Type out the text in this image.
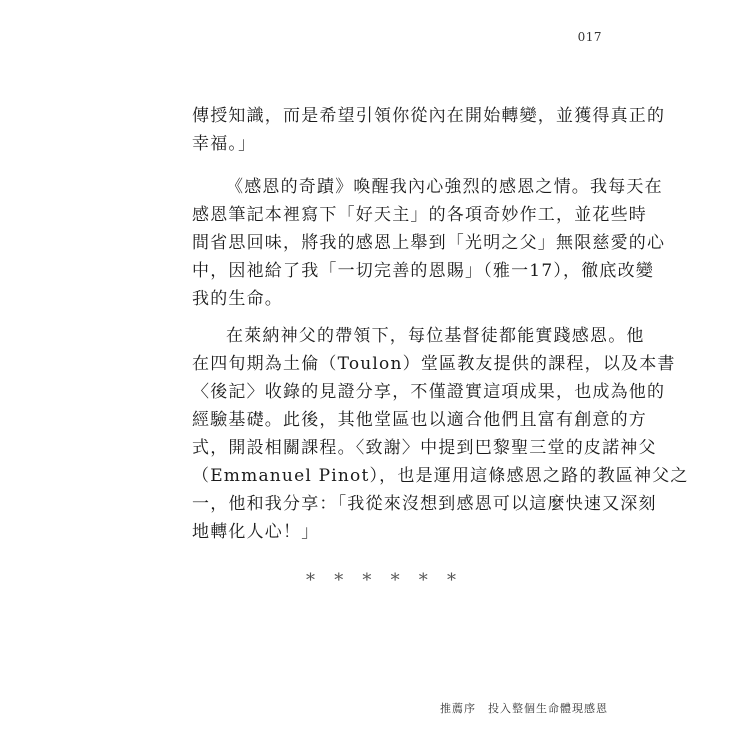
017
傳授知識，而是希望引領你從內在開始轉變，並獲得真正的
幸福。」
《感恩的奇蹟》喚醒我內心強烈的感恩之情。我每天在
感恩筆記本裡寫下「好天主」的各項奇妙作工，並花些時
間省思回味，將我的感恩上舉到「光明之父」無限慈愛的心
中，因祂給了我「一切完善的恩賜」（雅一17），徹底改變
我的生命。
在萊納神父的帶領下，每位基督徒都能實踐感恩。他
在四旬期為土倫（Toulon）堂區教友提供的課程，以及本書
〈後記〉收錄的見證分享，不僅證實這項成果，也成為他的
經驗基礎。此後，其他堂區也以適合他們且富有創意的方
式，開設相關課程。〈致謝〉中提到巴黎聖三堂的皮諾神父
（Emmanuel Pinot），也是運用這條感恩之路的教區神父之
一，他和我分享：「我從來沒想到感恩可以這麼快速又深刻
地轉化人心！」
* * * * * *
推薦序　投入整個生命體現感恩
